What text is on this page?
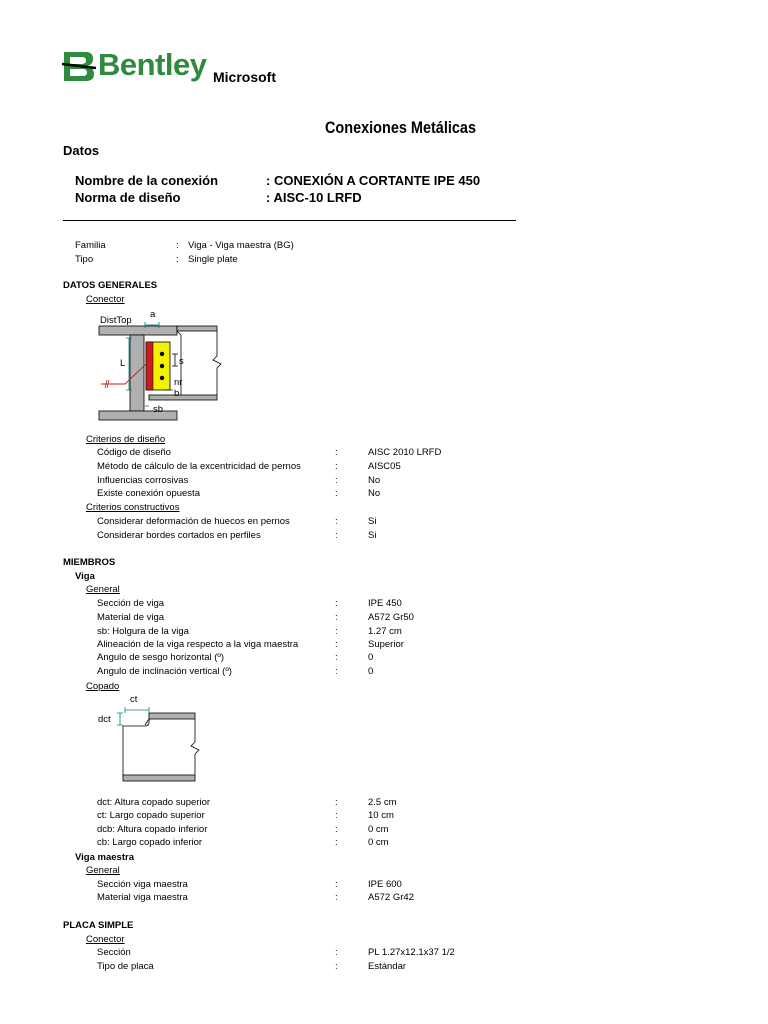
Bentley Microsoft
Conexiones Metálicas
Datos
Nombre de la conexión	: CONEXIÓN A CORTANTE IPE 450
Norma de diseño	: AISC-10 LRFD
Familia	: Viga - Viga maestra (BG)
Tipo	: Single plate
DATOS GENERALES
Conector
DistTop
a
L	s
nr
b
sb
Criterios de diseño
Código de diseño	:	AISC 2010 LRFD
Método de cálculo de la excentricidad de pernos	:	AISC05
Influencias corrosivas	:	No
Existe conexión opuesta	:	No
Criterios constructivos
Considerar deformación de huecos en pernos	:	Si
Considerar bordes cortados en perfiles	:	Si
MIEMBROS
Viga
General
Sección de viga	:	IPE 450
Material de viga	:	A572 Gr50
sb: Holgura de la viga	:	1.27 cm
Alineación de la viga respecto a la viga maestra	:	Superior
Angulo de sesgo horizontal (º)	:	0
Angulo de inclinación vertical (º)	:	0
Copado
ct
dct
dct: Altura copado superior	:	2.5 cm
ct: Largo copado superior	:	10 cm
dcb: Altura copado inferior	:	0 cm
cb: Largo copado inferior	:	0 cm
Viga maestra
General
Sección viga maestra	:	IPE 600
Material viga maestra	:	A572 Gr42
PLACA SIMPLE
Conector
Sección	:	PL 1.27x12.1x37 1/2
Tipo de placa	:	Estándar
